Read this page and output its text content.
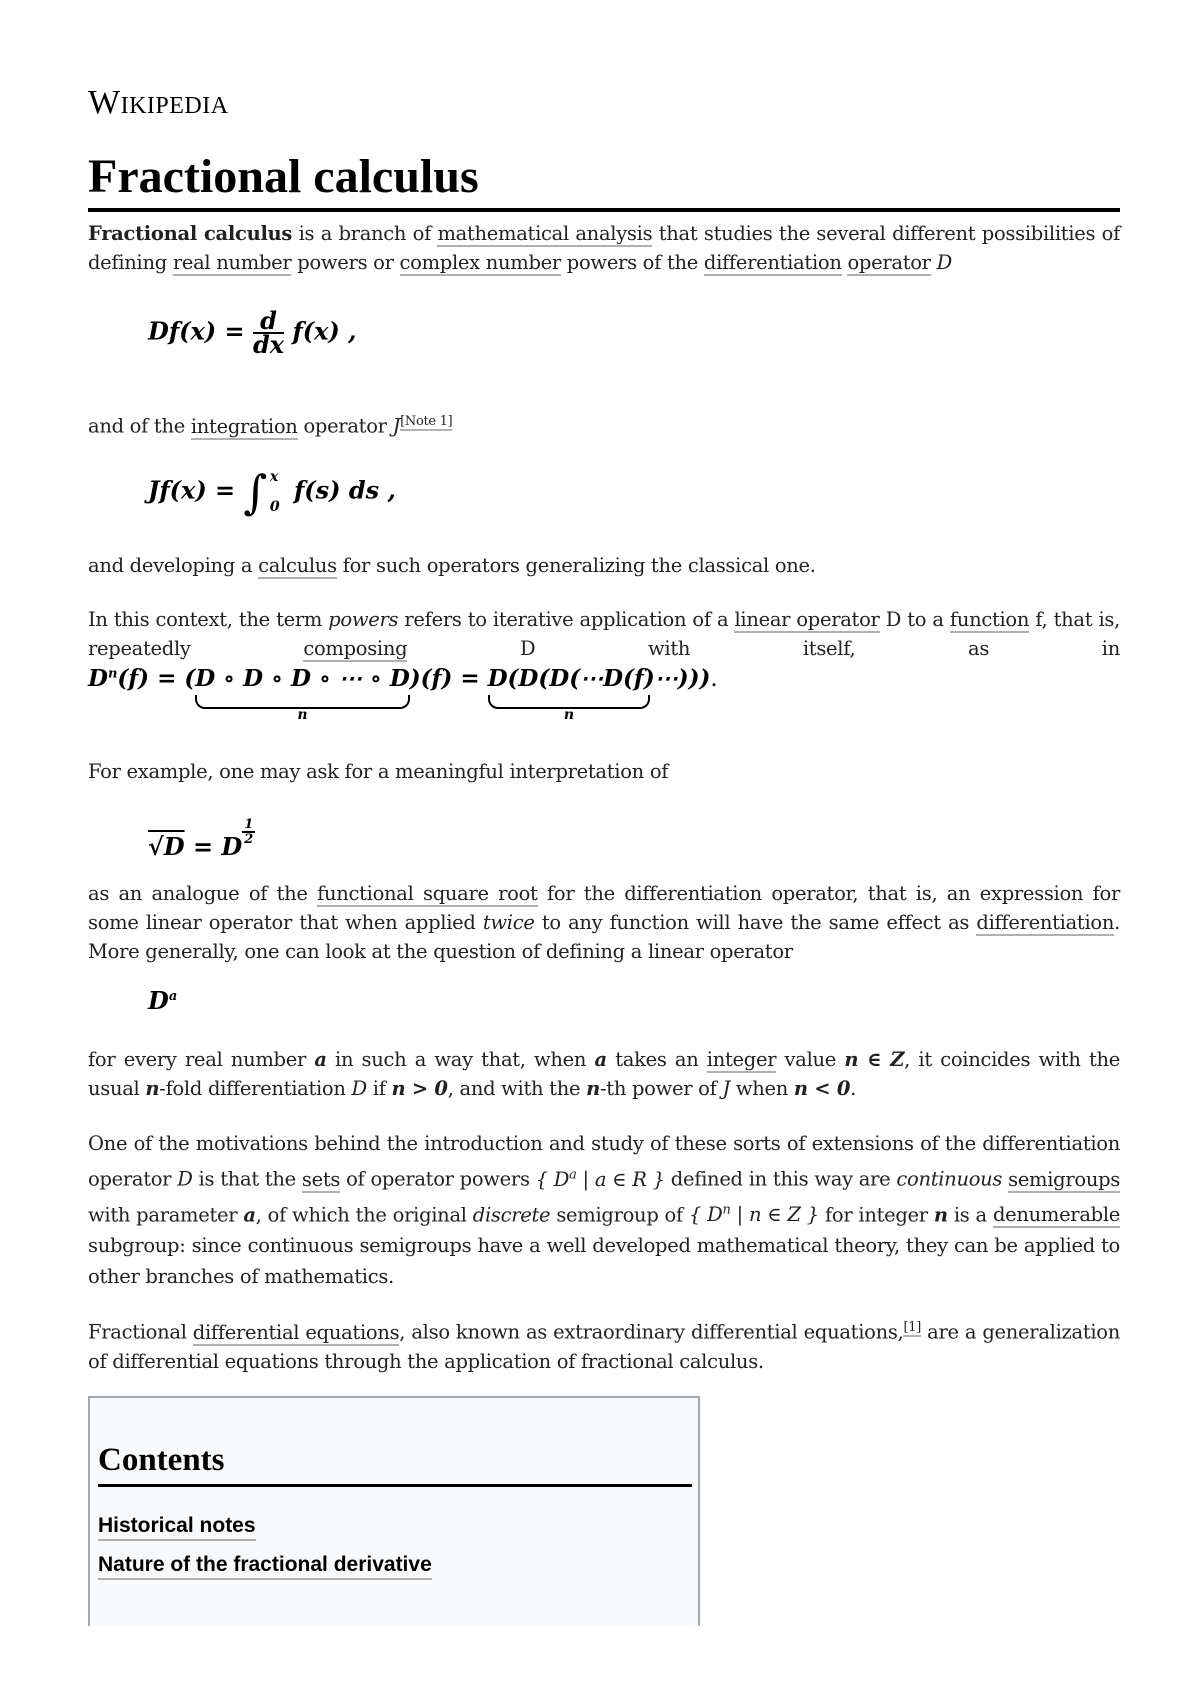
Wikipedia
Fractional calculus

Fractional calculus is a branch of mathematical analysis that studies the several different possibilities of defining real number powers or complex number powers of the differentiation operator D

$Df(x) = \frac{d}{dx} f(x)$ ,

and of the integration operator J[Note 1]

Jf(x) = ∫ x
0
f(s) ds ,

and developing a calculus for such operators generalizing the classical one.

In this context, the term powers refers to iterative application of a linear operator D to a function f, that is, repeatedly composing D with itself, as in

$D^n(f) = (D$ ∘ D ∘ D ∘ ⋯ ∘ D
n
)(f) = D(D(D(⋯D(f)⋯)))
n
.

For example, one may ask for a meaningful interpretation of

√D = D $\frac{1}{2}$

as an analogue of the functional square root for the differentiation operator, that is, an expression for some linear operator that when applied twice to any function will have the same effect as differentiation. More generally, one can look at the question of defining a linear operator

$D^a$

for every real number a in such a way that, when a takes an integer value n ∈ Z, it coincides with the usual n-fold differentiation D if n > 0, and with the n-th power of J when n < 0.

One of the motivations behind the introduction and study of these sorts of extensions of the differentiation operator D is that the sets of operator powers { $D^a$ | a ∈ R } defined in this way are continuous semigroups with parameter a, of which the original discrete semigroup of { $D^n$ | n ∈ Z } for integer n is a denumerable subgroup: since continuous semigroups have a well developed mathematical theory, they can be applied to other branches of mathematics.

Fractional differential equations, also known as extraordinary differential equations,[1] are a generalization of differential equations through the application of fractional calculus.

Contents
Historical notes
Nature of the fractional derivative
